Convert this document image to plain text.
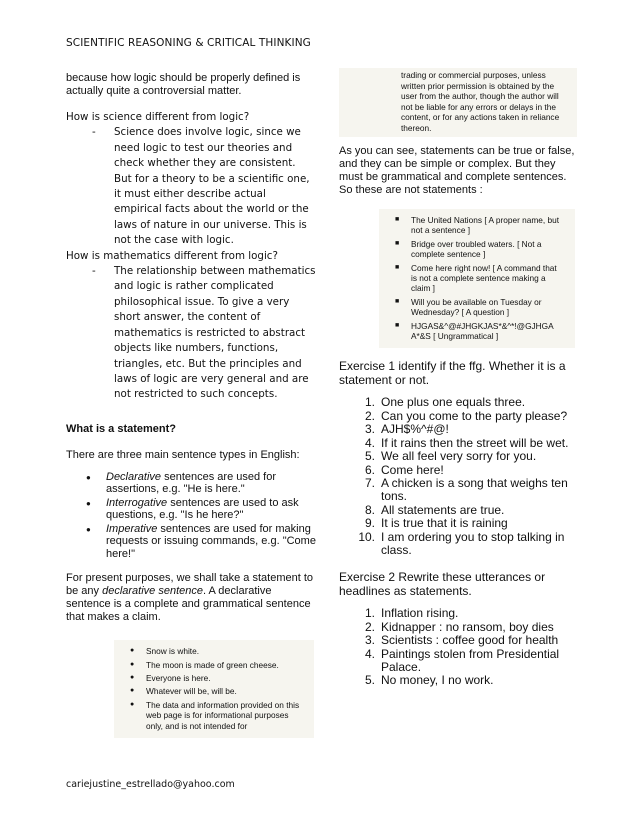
SCIENTIFIC REASONING & CRITICAL THINKING

because how logic should be properly defined is actually quite a controversial matter.

How is science different from logic?

-	Science does involve logic, since we need logic to test our theories and check whether they are consistent. But for a theory to be a scientific one, it must either describe actual empirical facts about the world or the laws of nature in our universe. This is not the case with logic.

How is mathematics different from logic?

-	The relationship between mathematics and logic is rather complicated philosophical issue. To give a very short answer, the content of mathematics is restricted to abstract objects like numbers, functions, triangles, etc. But the principles and laws of logic are very general and are not restricted to such concepts.

What is a statement?

There are three main sentence types in English:

●	Declarative sentences are used for assertions, e.g. "He is here."
●	Interrogative sentences are used to ask questions, e.g. "Is he here?"
●	Imperative sentences are used for making requests or issuing commands, e.g. "Come here!"

For present purposes, we shall take a statement to be any declarative sentence. A declarative sentence is a complete and grammatical sentence that makes a claim.

●	Snow is white.
●	The moon is made of green cheese.
●	Everyone is here.
●	Whatever will be, will be.
●	The data and information provided on this web page is for informational purposes only, and is not intended for
trading or commercial purposes, unless written prior permission is obtained by the user from the author, though the author will not be liable for any errors or delays in the content, or for any actions taken in reliance thereon.

As you can see, statements can be true or false, and they can be simple or complex. But they must be grammatical and complete sentences. So these are not statements :

■	The United Nations [ A proper name, but not a sentence ]
■	Bridge over troubled waters. [ Not a complete sentence ]
■	Come here right now! [ A command that is not a complete sentence making a claim ]
■	Will you be available on Tuesday or Wednesday? [ A question ]
■	HJGAS&^@#JHGKJAS*&^*!@GJHGA A*&S [ Ungrammatical ]

Exercise 1 identify if the ffg. Whether it is a statement or not.

1. One plus one equals three.
2. Can you come to the party please?
3. AJH$%^#@!
4. If it rains then the street will be wet.
5. We all feel very sorry for you.
6. Come here!
7. A chicken is a song that weighs ten tons.
8. All statements are true.
9. It is true that it is raining
10. I am ordering you to stop talking in class.

Exercise 2 Rewrite these utterances or headlines as statements.

1. Inflation rising.
2. Kidnapper : no ransom, boy dies
3. Scientists : coffee good for health
4. Paintings stolen from Presidential Palace.
5. No money, I no work.
cariejustine_estrellado@yahoo.com
